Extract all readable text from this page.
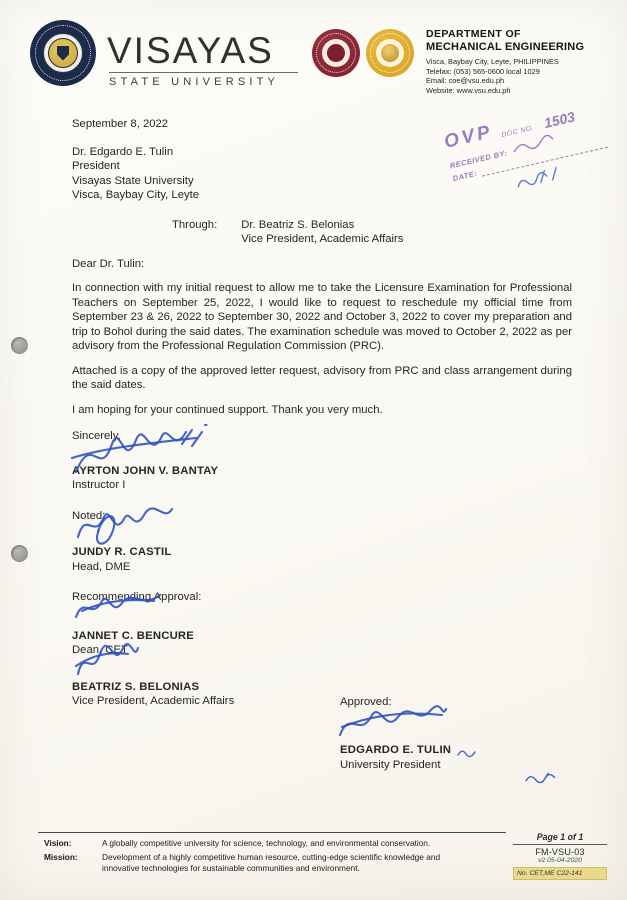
VISAYAS
STATE UNIVERSITY
DEPARTMENT OF
MECHANICAL ENGINEERING
Visca, Baybay City, Leyte, PHILIPPINES
Telefax: (053) 565-0600 local 1029
Email: coe@vsu.edu.ph
Website: www.vsu.edu.ph
OVP DOC NO.
1503
RECEIVED BY:
DATE:
September 8, 2022
Dr. Edgardo E. Tulin
President
Visayas State University
Visca, Baybay City, Leyte
Through: Dr. Beatriz S. Belonias
Vice President, Academic Affairs
Dear Dr. Tulin:

In connection with my initial request to allow me to take the Licensure Examination for Professional Teachers on September 25, 2022, I would like to request to reschedule my official time from September 23 & 26, 2022 to September 30, 2022 and October 3, 2022 to cover my preparation and trip to Bohol during the said dates. The examination schedule was moved to October 2, 2022 as per advisory from the Professional Regulation Commission (PRC).

Attached is a copy of the approved letter request, advisory from PRC and class arrangement during the said dates.

I am hoping for your continued support. Thank you very much.

Sincerely,
AYRTON JOHN V. BANTAY
Instructor I
Noted:
JUNDY R. CASTIL
Head, DME
Recommending Approval:
JANNET C. BENCURE
Dean, CET
BEATRIZ S. BELONIAS
Vice President, Academic Affairs	Approved:
EDGARDO E. TULIN
University President
Vision:	A globally competitive university for science, technology, and environmental conservation.
Mission:	Development of a highly competitive human resource, cutting-edge scientific knowledge and innovative technologies for sustainable communities and environment.
Page 1 of 1
FM-VSU-03
v2 05-04-2020
No. CET,ME C22-141
